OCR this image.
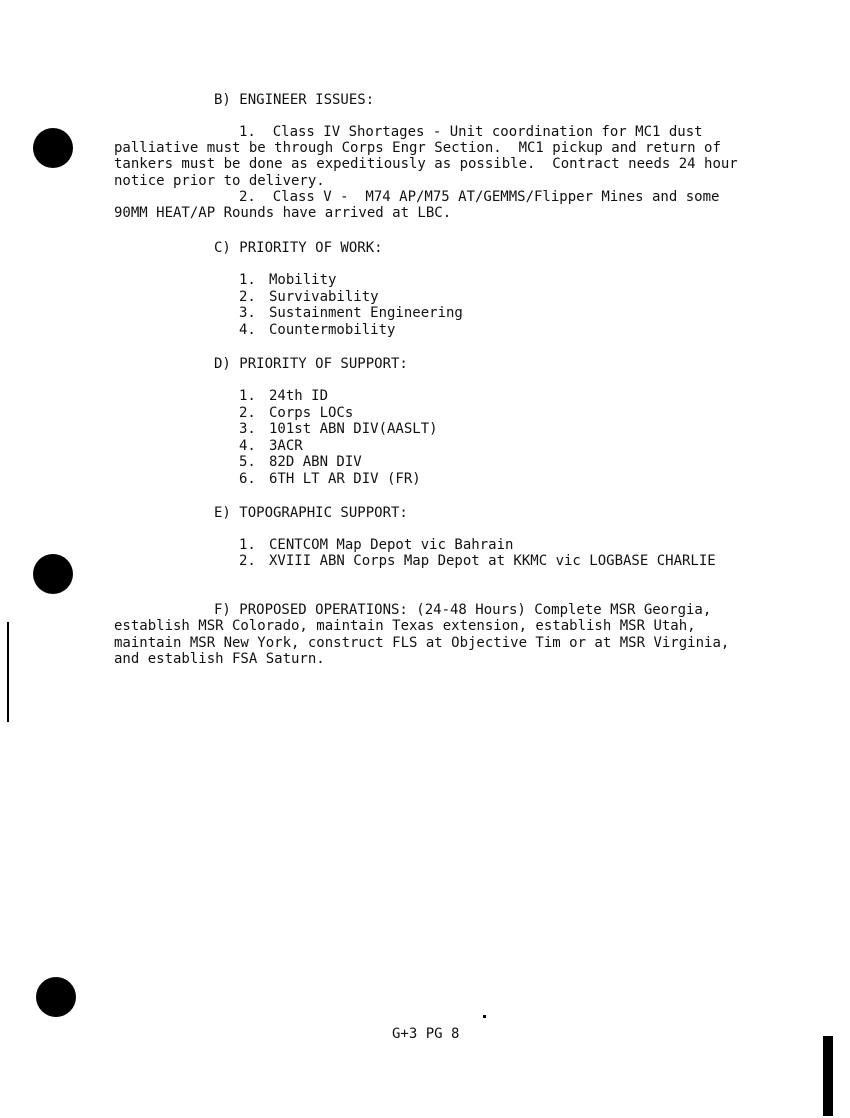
B) ENGINEER ISSUES:
1.  Class IV Shortages - Unit coordination for MC1 dust
palliative must be through Corps Engr Section.  MC1 pickup and return of
tankers must be done as expeditiously as possible.  Contract needs 24 hour
notice prior to delivery.
2.  Class V -  M74 AP/M75 AT/GEMMS/Flipper Mines and some
90MM HEAT/AP Rounds have arrived at LBC.
C) PRIORITY OF WORK:
1. Mobility
2. Survivability
3. Sustainment Engineering
4. Countermobility
D) PRIORITY OF SUPPORT:
1. 24th ID
2. Corps LOCs
3. 101st ABN DIV(AASLT)
4. 3ACR
5. 82D ABN DIV
6. 6TH LT AR DIV (FR)
E) TOPOGRAPHIC SUPPORT:
1. CENTCOM Map Depot vic Bahrain
2. XVIII ABN Corps Map Depot at KKMC vic LOGBASE CHARLIE
F) PROPOSED OPERATIONS: (24-48 Hours) Complete MSR Georgia,
establish MSR Colorado, maintain Texas extension, establish MSR Utah,
maintain MSR New York, construct FLS at Objective Tim or at MSR Virginia,
and establish FSA Saturn.
G+3 PG 8
